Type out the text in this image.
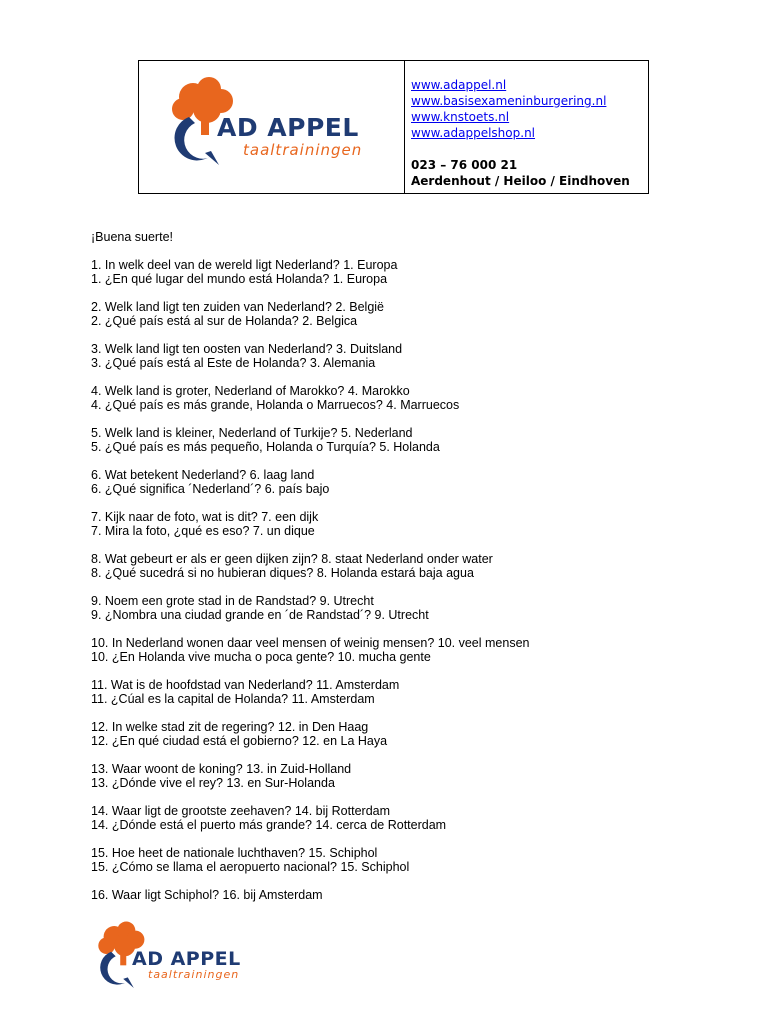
AD APPEL
taaltrainingen
www.adappel.nl
www.basisexameninburgering.nl
www.knstoets.nl
www.adappelshop.nl
023 – 76 000 21
Aerdenhout / Heiloo / Eindhoven
¡Buena suerte!
1. In welk deel van de wereld ligt Nederland? 1. Europa
1. ¿En qué lugar del mundo está Holanda? 1. Europa
2. Welk land ligt ten zuiden van Nederland? 2. België
2. ¿Qué país está al sur de Holanda? 2. Belgica
3. Welk land ligt ten oosten van Nederland? 3. Duitsland
3. ¿Qué país está al Este de Holanda? 3. Alemania
4. Welk land is groter, Nederland of Marokko? 4. Marokko
4. ¿Qué país es más grande, Holanda o Marruecos? 4. Marruecos
5. Welk land is kleiner, Nederland of Turkije? 5. Nederland
5. ¿Qué país es más pequeño, Holanda o Turquía? 5. Holanda
6. Wat betekent Nederland? 6. laag land
6. ¿Qué significa ´Nederland´? 6. país bajo
7. Kijk naar de foto, wat is dit? 7. een dijk
7. Mira la foto, ¿qué es eso? 7. un dique
8. Wat gebeurt er als er geen dijken zijn? 8. staat Nederland onder water
8. ¿Qué sucedrá si no hubieran diques? 8. Holanda estará baja agua
9. Noem een grote stad in de Randstad? 9. Utrecht
9. ¿Nombra una ciudad grande en ´de Randstad´? 9. Utrecht
10. In Nederland wonen daar veel mensen of weinig mensen? 10. veel mensen
10. ¿En Holanda vive mucha o poca gente? 10. mucha gente
11. Wat is de hoofdstad van Nederland? 11. Amsterdam
11. ¿Cúal es la capital de Holanda? 11. Amsterdam
12. In welke stad zit de regering? 12. in Den Haag
12. ¿En qué ciudad está el gobierno? 12. en La Haya
13. Waar woont de koning? 13. in Zuid-Holland
13. ¿Dónde vive el rey? 13. en Sur-Holanda
14. Waar ligt de grootste zeehaven? 14. bij Rotterdam
14. ¿Dónde está el puerto más grande? 14. cerca de Rotterdam
15. Hoe heet de nationale luchthaven? 15. Schiphol
15. ¿Cómo se llama el aeropuerto nacional? 15. Schiphol
16. Waar ligt Schiphol? 16. bij Amsterdam
AD APPEL
taaltrainingen
